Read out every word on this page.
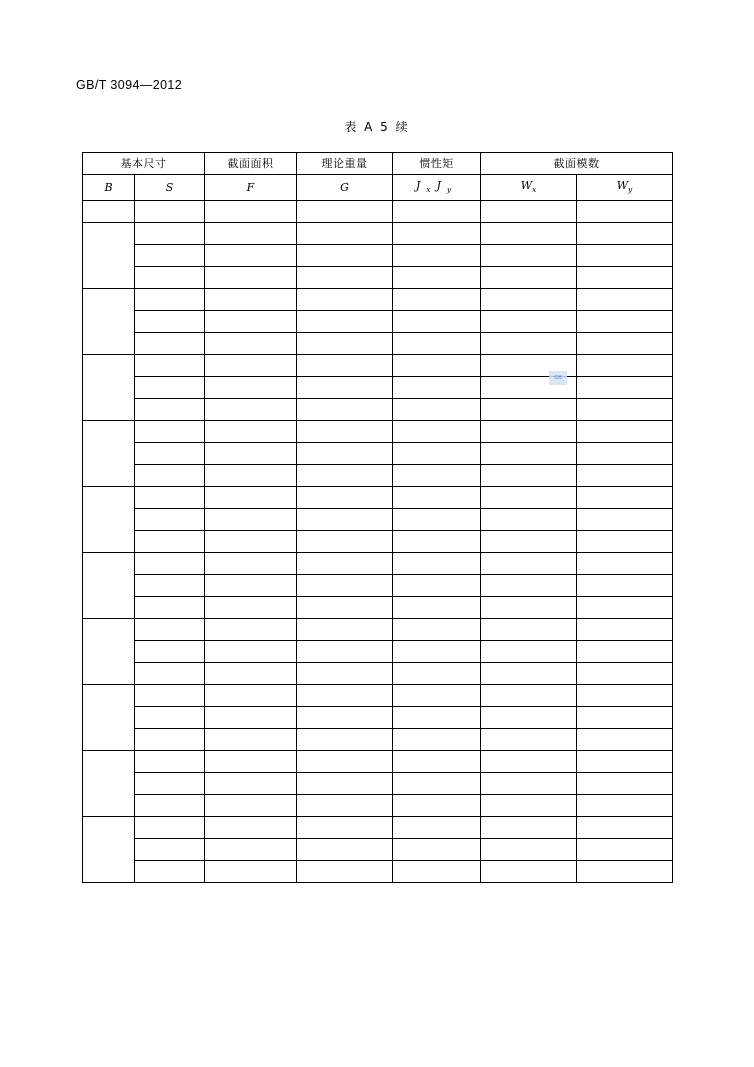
GB/T 3094—2012
表 A 5 续
基本尺寸		截面面积	理论重量	惯性矩	截面模数	
B	S	F	G	$J_xJ_y$	$W_x$	$W_y$

GB
